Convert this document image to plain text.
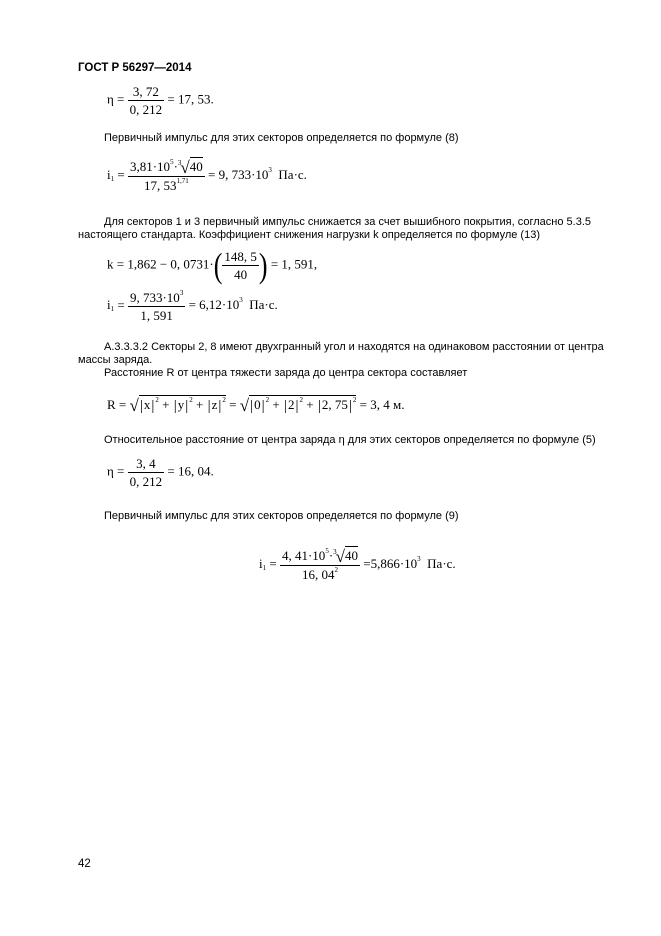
ГОСТ Р 56297—2014
$\eta = \frac{3, 72}{0, 212} = 17$, 53.
Первичный импульс для этих секторов определяется по формуле (8)
$i_1 = \frac{3,81\cdot 10^5\cdot^3√40}{17, 53^{1,71}} = 9$, $733\cdot 10^3$ Па·с.
Для секторов 1 и 3 первичный импульс снижается за счет вышибного покрытия, согласно 5.3.5
настоящего стандарта. Коэффициент снижения нагрузки k определяется по формуле (13)
k = 1,862 − 0, $0731\cdot( \frac{148, 5}{40}$ ) = 1, 591,
$i_1 = \frac{9, 733\cdot 10^3}{1, 591} = 6,12\cdot 10^3$ Па·с.
А.3.3.3.2 Секторы 2, 8 имеют двухгранный угол и находятся на одинаковом расстоянии от центра
массы заряда.
Расстояние R от центра тяжести заряда до центра сектора составляет
$R = √|x|^2 + |y|^2 + |z|^2 = √|0|^2 + |2|^2 + |2$, $75|^2 = 3$, 4 м.
Относительное расстояние от центра заряда η для этих секторов определяется по формуле (5)
$\eta = \frac{3, 4}{0, 212} = 16$, 04.
Первичный импульс для этих секторов определяется по формуле (9)
$i_1 = \frac{4, 41\cdot 10^5\cdot^3√40}{16, 04^2} =5,866\cdot 10^3$ Па·с.
42
